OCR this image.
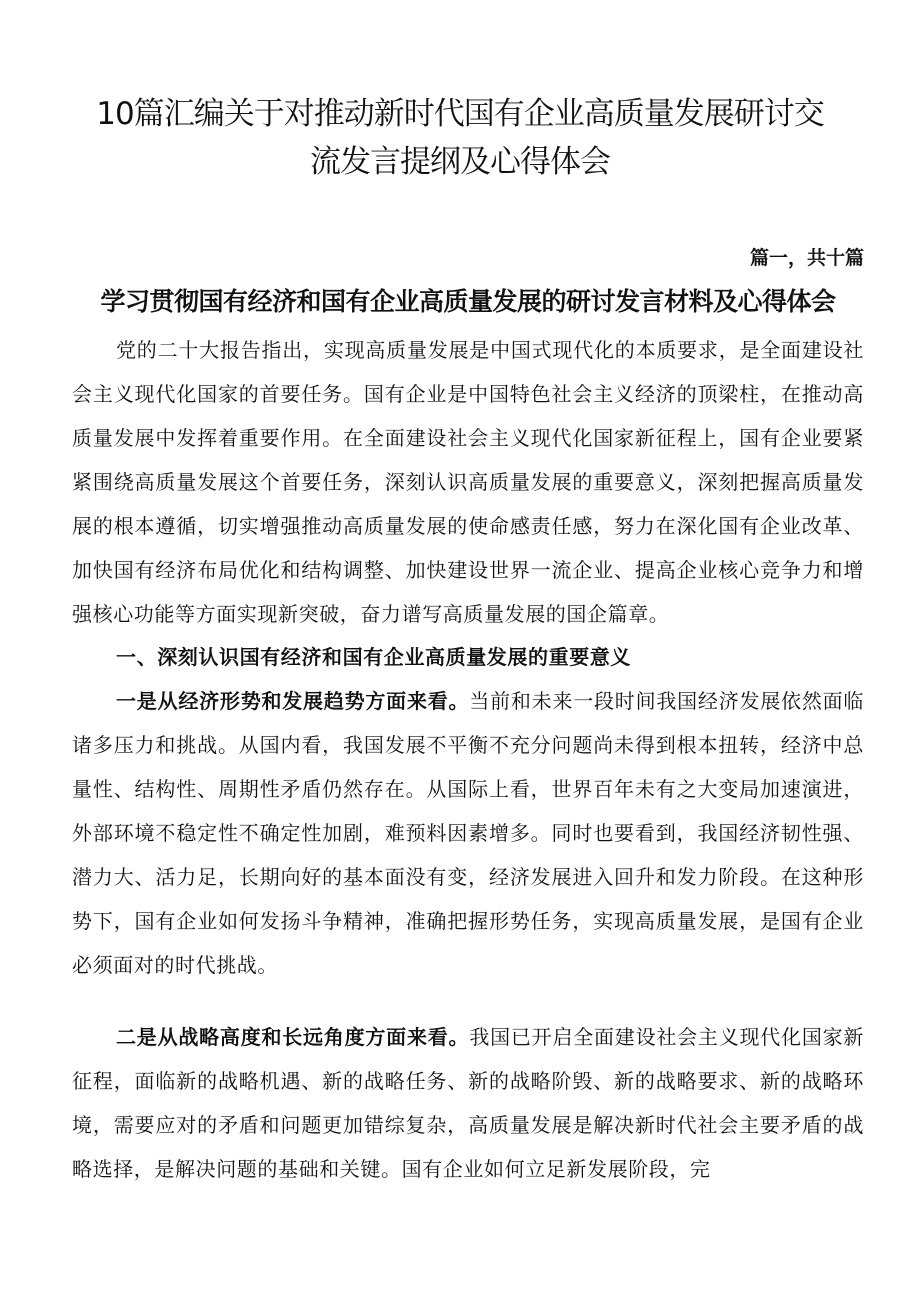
10篇汇编关于对推动新时代国有企业高质量发展研讨交
流发言提纲及心得体会
篇一，共十篇
学习贯彻国有经济和国有企业高质量发展的研讨发言材料及心得体会

党的二十大报告指出，实现高质量发展是中国式现代化的本质要求，是全面建设社会主义现代化国家的首要任务。国有企业是中国特色社会主义经济的顶梁柱，在推动高质量发展中发挥着重要作用。在全面建设社会主义现代化国家新征程上，国有企业要紧紧围绕高质量发展这个首要任务，深刻认识高质量发展的重要意义，深刻把握高质量发展的根本遵循，切实增强推动高质量发展的使命感责任感，努力在深化国有企业改革、加快国有经济布局优化和结构调整、加快建设世界一流企业、提高企业核心竞争力和增强核心功能等方面实现新突破，奋力谱写高质量发展的国企篇章。

一、深刻认识国有经济和国有企业高质量发展的重要意义

一是从经济形势和发展趋势方面来看。当前和未来一段时间我国经济发展依然面临诸多压力和挑战。从国内看，我国发展不平衡不充分问题尚未得到根本扭转，经济中总量性、结构性、周期性矛盾仍然存在。从国际上看，世界百年未有之大变局加速演进，外部环境不稳定性不确定性加剧，难预料因素增多。同时也要看到，我国经济韧性强、潜力大、活力足，长期向好的基本面没有变，经济发展进入回升和发力阶段。在这种形势下，国有企业如何发扬斗争精神，准确把握形势任务，实现高质量发展，是国有企业必须面对的时代挑战。

二是从战略高度和长远角度方面来看。我国已开启全面建设社会主义现代化国家新征程，面临新的战略机遇、新的战略任务、新的战略阶毁、新的战略要求、新的战略环境，需要应对的矛盾和问题更加错综复杂，高质量发展是解决新时代社会主要矛盾的战略选择，是解决问题的基础和关键。国有企业如何立足新发展阶段，完
